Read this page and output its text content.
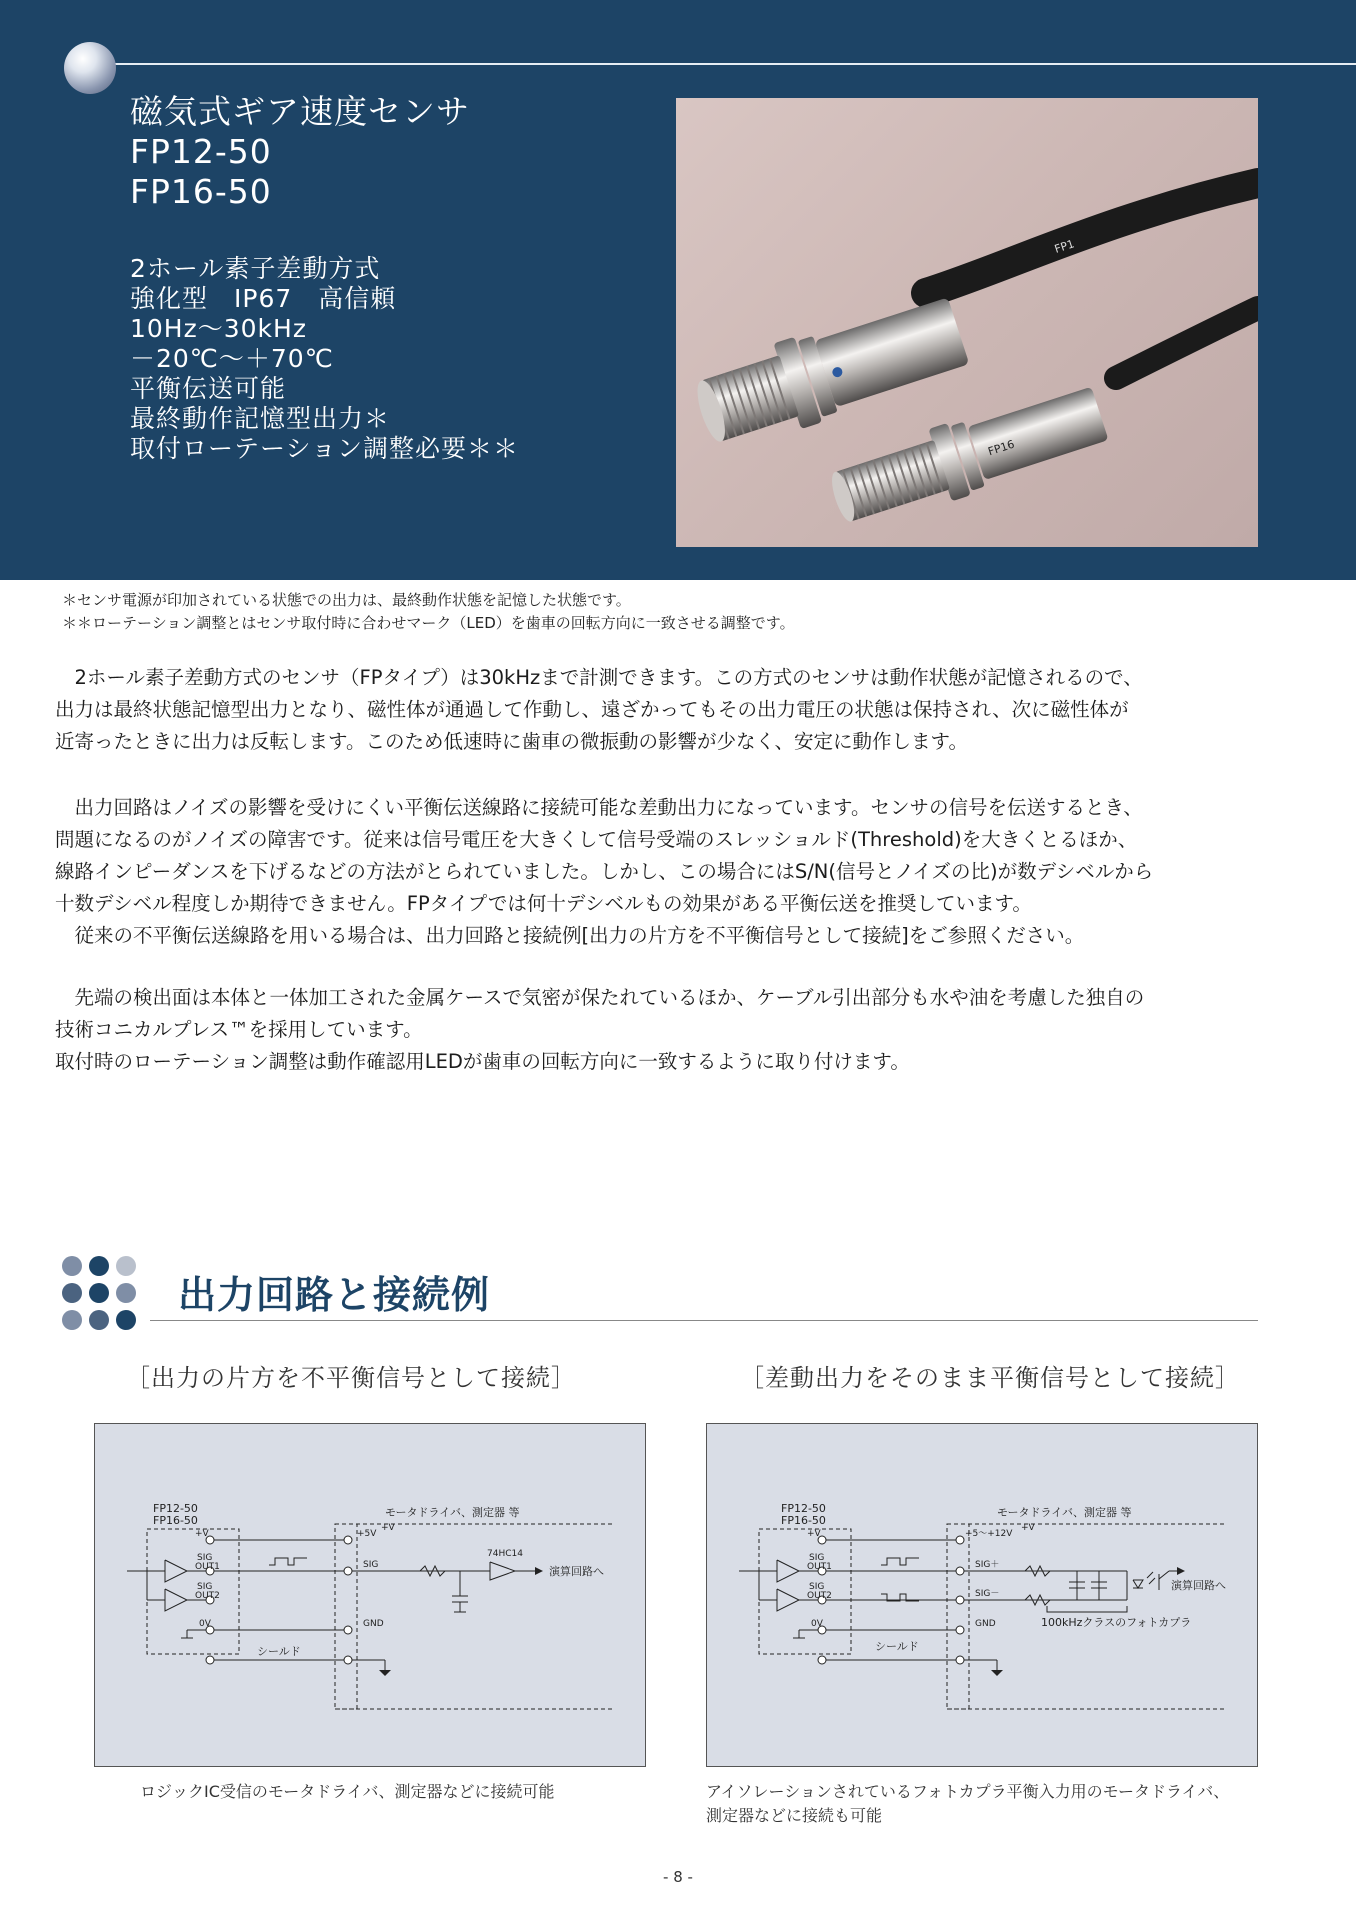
磁気式ギア速度センサ
FP12-50
FP16-50
2ホール素子差動方式
強化型　IP67　高信頼
10Hz～30kHz
－20℃～＋70℃
平衡伝送可能
最終動作記憶型出力＊
取付ローテーション調整必要＊＊
FP1
FP16
＊センサ電源が印加されている状態での出力は、最終動作状態を記憶した状態です。
＊＊ローテーション調整とはセンサ取付時に合わせマーク（LED）を歯車の回転方向に一致させる調整です。
　2ホール素子差動方式のセンサ（FPタイプ）は30kHzまで計測できます。この方式のセンサは動作状態が記憶されるので、
出力は最終状態記憶型出力となり、磁性体が通過して作動し、遠ざかってもその出力電圧の状態は保持され、次に磁性体が
近寄ったときに出力は反転します。このため低速時に歯車の微振動の影響が少なく、安定に動作します。
　出力回路はノイズの影響を受けにくい平衡伝送線路に接続可能な差動出力になっています。センサの信号を伝送するとき、
問題になるのがノイズの障害です。従来は信号電圧を大きくして信号受端のスレッショルド(Threshold)を大きくとるほか、
線路インピーダンスを下げるなどの方法がとられていました。しかし、この場合にはS/N(信号とノイズの比)が数デシベルから
十数デシベル程度しか期待できません。FPタイプでは何十デシベルもの効果がある平衡伝送を推奨しています。
　従来の不平衡伝送線路を用いる場合は、出力回路と接続例[出力の片方を不平衡信号として接続]をご参照ください。
　先端の検出面は本体と一体加工された金属ケースで気密が保たれているほか、ケーブル引出部分も水や油を考慮した独自の
技術コニカルプレス™を採用しています。
取付時のローテーション調整は動作確認用LEDが歯車の回転方向に一致するように取り付けます。
出力回路と接続例
［出力の片方を不平衡信号として接続］	［差動出力をそのまま平衡信号として接続］
FP12-50
FP16-50
モータドライバ、測定器 等
+V
SIG
OUT1
SIG
OUT2
0V
シールド
+5V
+V
SIG
GND
74HC14
演算回路へ
FP12-50
FP16-50
モータドライバ、測定器 等
+V
SIG
OUT1
SIG
OUT2
0V
シールド
+5～+12V
+V
SIG＋
SIG－
GND
演算回路へ
100kHzクラスのフォトカプラ
ロジックIC受信のモータドライバ、測定器などに接続可能	アイソレーションされているフォトカプラ平衡入力用のモータドライバ、
測定器などに接続も可能
- 8 -
